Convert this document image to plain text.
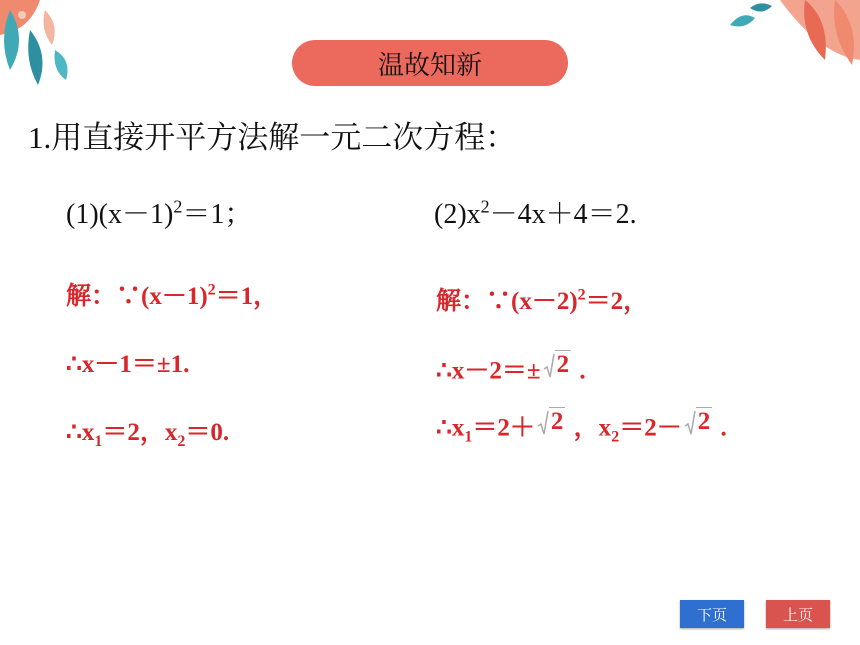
温故知新
1.用直接开平方法解一元二次方程：
$(1)(x-1)^2=1$；	$(2)x^2-4x+4=2$.
解：$\because(x-1)^2=1$，
∴x－1＝±1.
$\therefore x_1=2$，$x_2=0$.
解：$\because(x-2)^2=2$，
∴x－2＝± 2 .
$\therefore x_1=2+ 2$ ，$x_2=2- 2$ .
下页	上页
